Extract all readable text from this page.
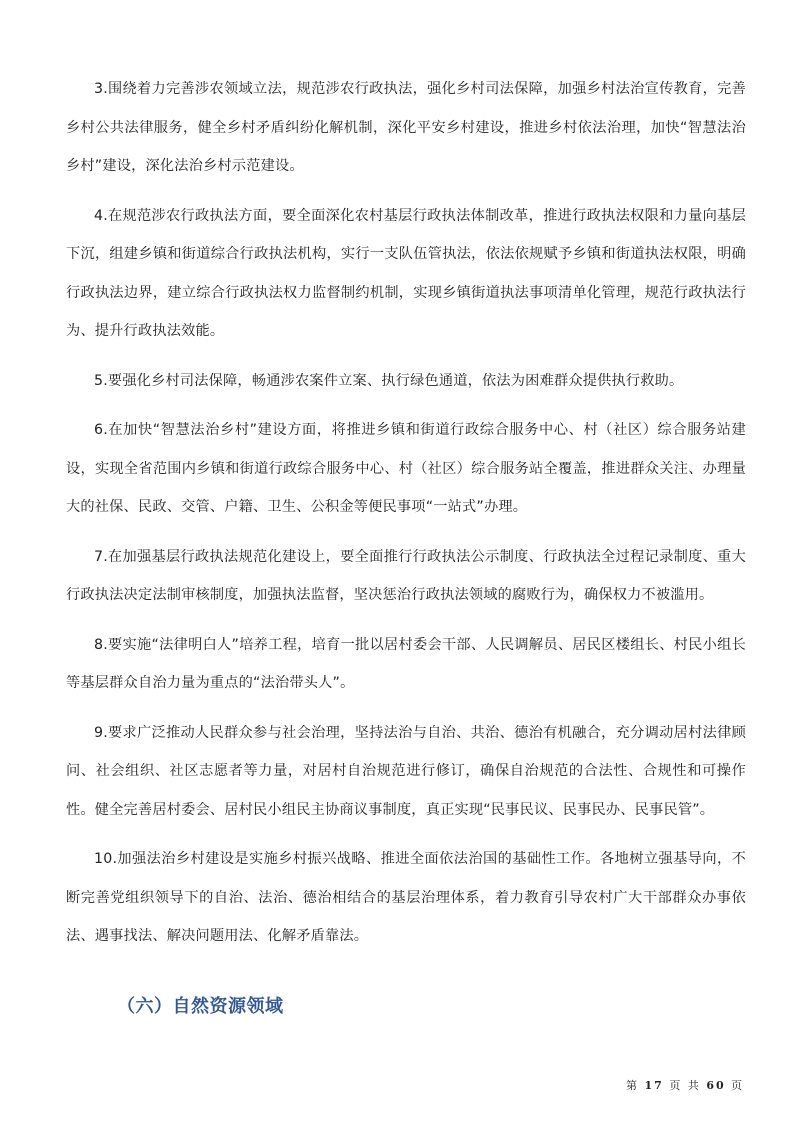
3.围绕着力完善涉农领域立法，规范涉农行政执法，强化乡村司法保障，加强乡村法治宣传教育，完善乡村公共法律服务，健全乡村矛盾纠纷化解机制，深化平安乡村建设，推进乡村依法治理，加快“智慧法治乡村”建设，深化法治乡村示范建设。

4.在规范涉农行政执法方面，要全面深化农村基层行政执法体制改革，推进行政执法权限和力量向基层下沉，组建乡镇和街道综合行政执法机构，实行一支队伍管执法，依法依规赋予乡镇和街道执法权限，明确行政执法边界，建立综合行政执法权力监督制约机制，实现乡镇街道执法事项清单化管理，规范行政执法行为、提升行政执法效能。

5.要强化乡村司法保障，畅通涉农案件立案、执行绿色通道，依法为困难群众提供执行救助。

6.在加快“智慧法治乡村”建设方面，将推进乡镇和街道行政综合服务中心、村（社区）综合服务站建设，实现全省范围内乡镇和街道行政综合服务中心、村（社区）综合服务站全覆盖，推进群众关注、办理量大的社保、民政、交管、户籍、卫生、公积金等便民事项“一站式”办理。

7.在加强基层行政执法规范化建设上，要全面推行行政执法公示制度、行政执法全过程记录制度、重大行政执法决定法制审核制度，加强执法监督，坚决惩治行政执法领域的腐败行为，确保权力不被滥用。

8.要实施“法律明白人”培养工程，培育一批以居村委会干部、人民调解员、居民区楼组长、村民小组长等基层群众自治力量为重点的“法治带头人”。

9.要求广泛推动人民群众参与社会治理，坚持法治与自治、共治、德治有机融合，充分调动居村法律顾问、社会组织、社区志愿者等力量，对居村自治规范进行修订，确保自治规范的合法性、合规性和可操作性。健全完善居村委会、居村民小组民主协商议事制度，真正实现“民事民议、民事民办、民事民管”。

10.加强法治乡村建设是实施乡村振兴战略、推进全面依法治国的基础性工作。各地树立强基导向，不断完善党组织领导下的自治、法治、德治相结合的基层治理体系，着力教育引导农村广大干部群众办事依法、遇事找法、解决问题用法、化解矛盾靠法。

（六）自然资源领域
第 17 页 共 60 页
